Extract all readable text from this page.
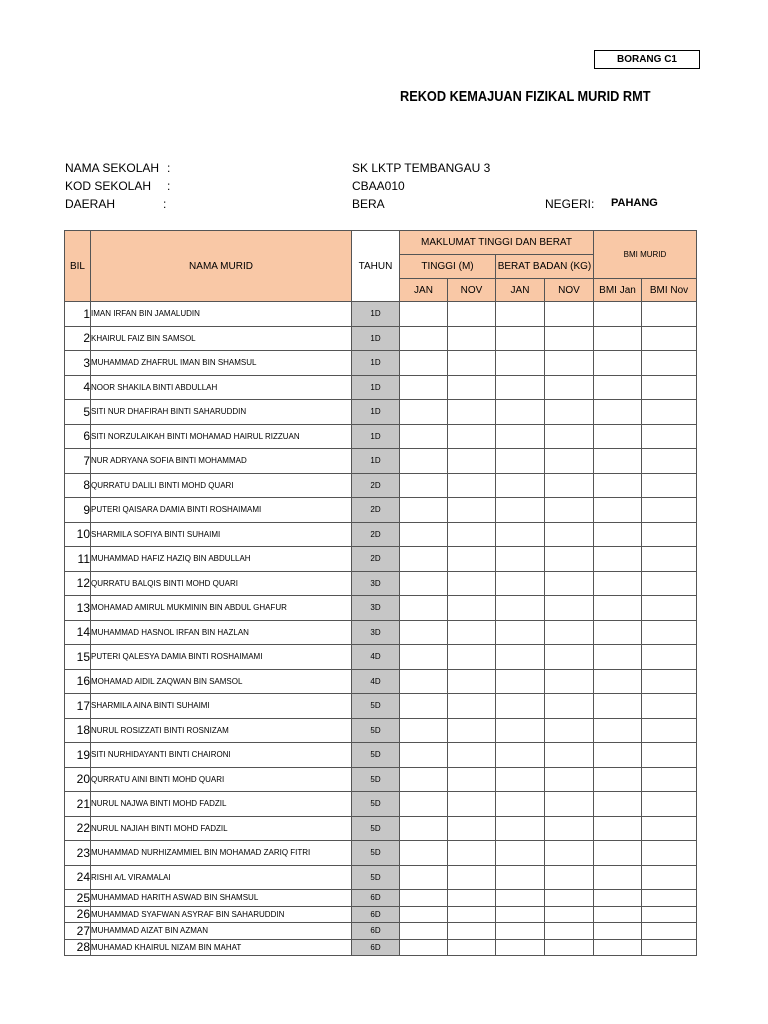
BORANG C1
REKOD KEMAJUAN FIZIKAL MURID RMT
NAMA SEKOLAH :	SK LKTP TEMBANGAU 3
KOD SEKOLAH :	CBAA010
DAERAH	:	BERA	NEGERI: PAHANG
BIL	NAMA MURID	TAHUN	MAKLUMAT TINGGI DAN BERAT				BMI MURID	
			TINGGI (M)		BERAT BADAN (KG)			
			JAN	NOV	JAN	NOV	BMI Jan	BMI Nov
1	IMAN IRFAN BIN JAMALUDIN	1D						
2	KHAIRUL FAIZ BIN SAMSOL	1D						
3	MUHAMMAD ZHAFRUL IMAN BIN SHAMSUL	1D						
4	NOOR SHAKILA BINTI ABDULLAH	1D						
5	SITI NUR DHAFIRAH BINTI SAHARUDDIN	1D						
6	SITI NORZULAIKAH BINTI MOHAMAD HAIRUL RIZZUAN	1D						
7	NUR ADRYANA SOFIA BINTI MOHAMMAD	1D						
8	QURRATU DALILI BINTI MOHD QUARI	2D						
9	PUTERI QAISARA DAMIA BINTI ROSHAIMAMI	2D						
10	SHARMILA SOFIYA BINTI SUHAIMI	2D						
11	MUHAMMAD HAFIZ HAZIQ BIN ABDULLAH	2D						
12	QURRATU BALQIS BINTI MOHD QUARI	3D						
13	MOHAMAD AMIRUL MUKMININ BIN ABDUL GHAFUR	3D						
14	MUHAMMAD HASNOL IRFAN BIN HAZLAN	3D						
15	PUTERI QALESYA DAMIA BINTI ROSHAIMAMI	4D						
16	MOHAMAD AIDIL ZAQWAN BIN SAMSOL	4D						
17	SHARMILA AINA BINTI SUHAIMI	5D						
18	NURUL ROSIZZATI BINTI ROSNIZAM	5D						
19	SITI NURHIDAYANTI BINTI CHAIRONI	5D						
20	QURRATU AINI BINTI MOHD QUARI	5D						
21	NURUL NAJWA BINTI MOHD FADZIL	5D						
22	NURUL NAJIAH BINTI MOHD FADZIL	5D						
23	MUHAMMAD NURHIZAMMIEL BIN MOHAMAD ZARIQ FITRI	5D						
24	RISHI A/L VIRAMALAI	5D						
25	MUHAMMAD HARITH ASWAD BIN SHAMSUL	6D						
26	MUHAMMAD SYAFWAN ASYRAF BIN SAHARUDDIN	6D						
27	MUHAMMAD AIZAT BIN AZMAN	6D						
28	MUHAMAD KHAIRUL NIZAM BIN MAHAT	6D						
